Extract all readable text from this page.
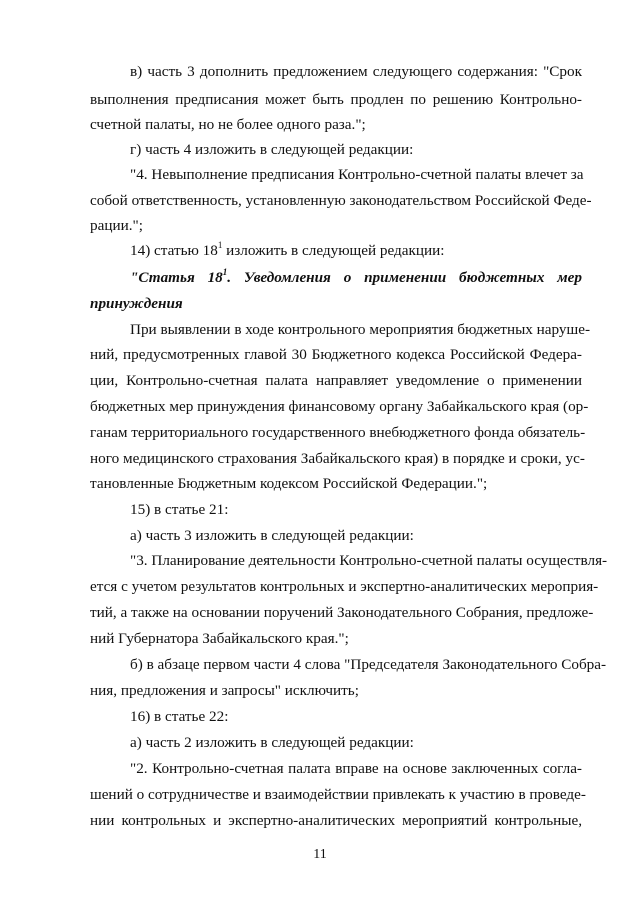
в) часть 3 дополнить предложением следующего содержания: "Срок
выполнения предписания может быть продлен по решению Контрольно-
счетной палаты, но не более одного раза.";
г) часть 4 изложить в следующей редакции:
"4. Невыполнение предписания Контрольно-счетной палаты влечет за
собой ответственность, установленную законодательством Российской Феде-
рации.";
14) статью $18^1$ изложить в следующей редакции:
"Статья $18^1$. Уведомления о применении бюджетных мер
принуждения
При выявлении в ходе контрольного мероприятия бюджетных наруше-
ний, предусмотренных главой 30 Бюджетного кодекса Российской Федера-
ции, Контрольно-счетная палата направляет уведомление о применении
бюджетных мер принуждения финансовому органу Забайкальского края (ор-
ганам территориального государственного внебюджетного фонда обязатель-
ного медицинского страхования Забайкальского края) в порядке и сроки, ус-
тановленные Бюджетным кодексом Российской Федерации.";
15) в статье 21:
а) часть 3 изложить в следующей редакции:
"3. Планирование деятельности Контрольно-счетной палаты осуществля-
ется с учетом результатов контрольных и экспертно-аналитических мероприя-
тий, а также на основании поручений Законодательного Собрания, предложе-
ний Губернатора Забайкальского края.";
б) в абзаце первом части 4 слова "Председателя Законодательного Собра-
ния, предложения и запросы" исключить;
16) в статье 22:
а) часть 2 изложить в следующей редакции:
"2. Контрольно-счетная палата вправе на основе заключенных согла-
шений о сотрудничестве и взаимодействии привлекать к участию в проведе-
нии контрольных и экспертно-аналитических мероприятий контрольные,
11
